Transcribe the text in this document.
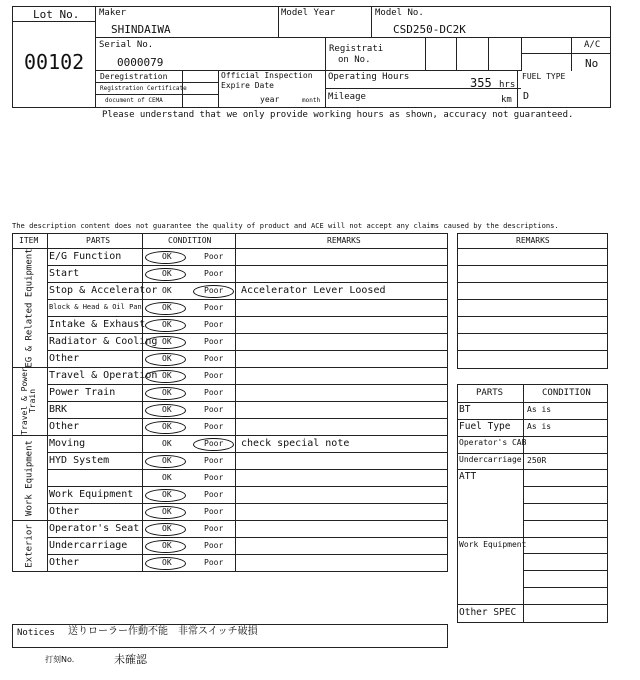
Lot No.
00102
Maker
SHINDAIWA
Model Year	Model No.
CSD250-DC2K
Serial No.
0000079
Registrati
on No.
A/C
No
Deregistration
Registration Certificate
document of CEMA
Official Inspection
Expire Date
year	month
Operating Hours	355 hrs
Mileage	km
FUEL TYPE
D
Please understand that we only provide working hours as shown, accuracy not guaranteed.
The description content does not guarantee the quality of product and ACE will not accept any claims caused by the descriptions.
ITEM	PARTS	CONDITION	REMARKS
E/G Function	OK	Poor
Start	OK	Poor
Stop & Accelerator OK	Poor Accelerator Lever Loosed
Block & Head & Oil Pan	OK	Poor
Intake & Exhaust OK	Poor
Radiator & Cooling OK	Poor
Other	OK	Poor
EG & Related Equipment
Travel & Operation OK	Poor
Power Train	OK	Poor
BRK	OK	Poor
Other	OK	Poor
Travel & Power Train
Moving	OK	Poor check special note
HYD System	OK	Poor
OK	Poor
Work Equipment	OK	Poor
Other	OK	Poor
Work Equipment
Operator's Seat	OK	Poor
Undercarriage	OK	Poor
Other	OK	Poor
Exterior
REMARKS
PARTS	CONDITION
BT	As is
Fuel Type As is
Operator's CAB
Undercarriage 250R
ATT
Work Equipment
Other SPEC
Notices 送りローラー作動不能　非常スイッチ破損
打刻No.	未確認
